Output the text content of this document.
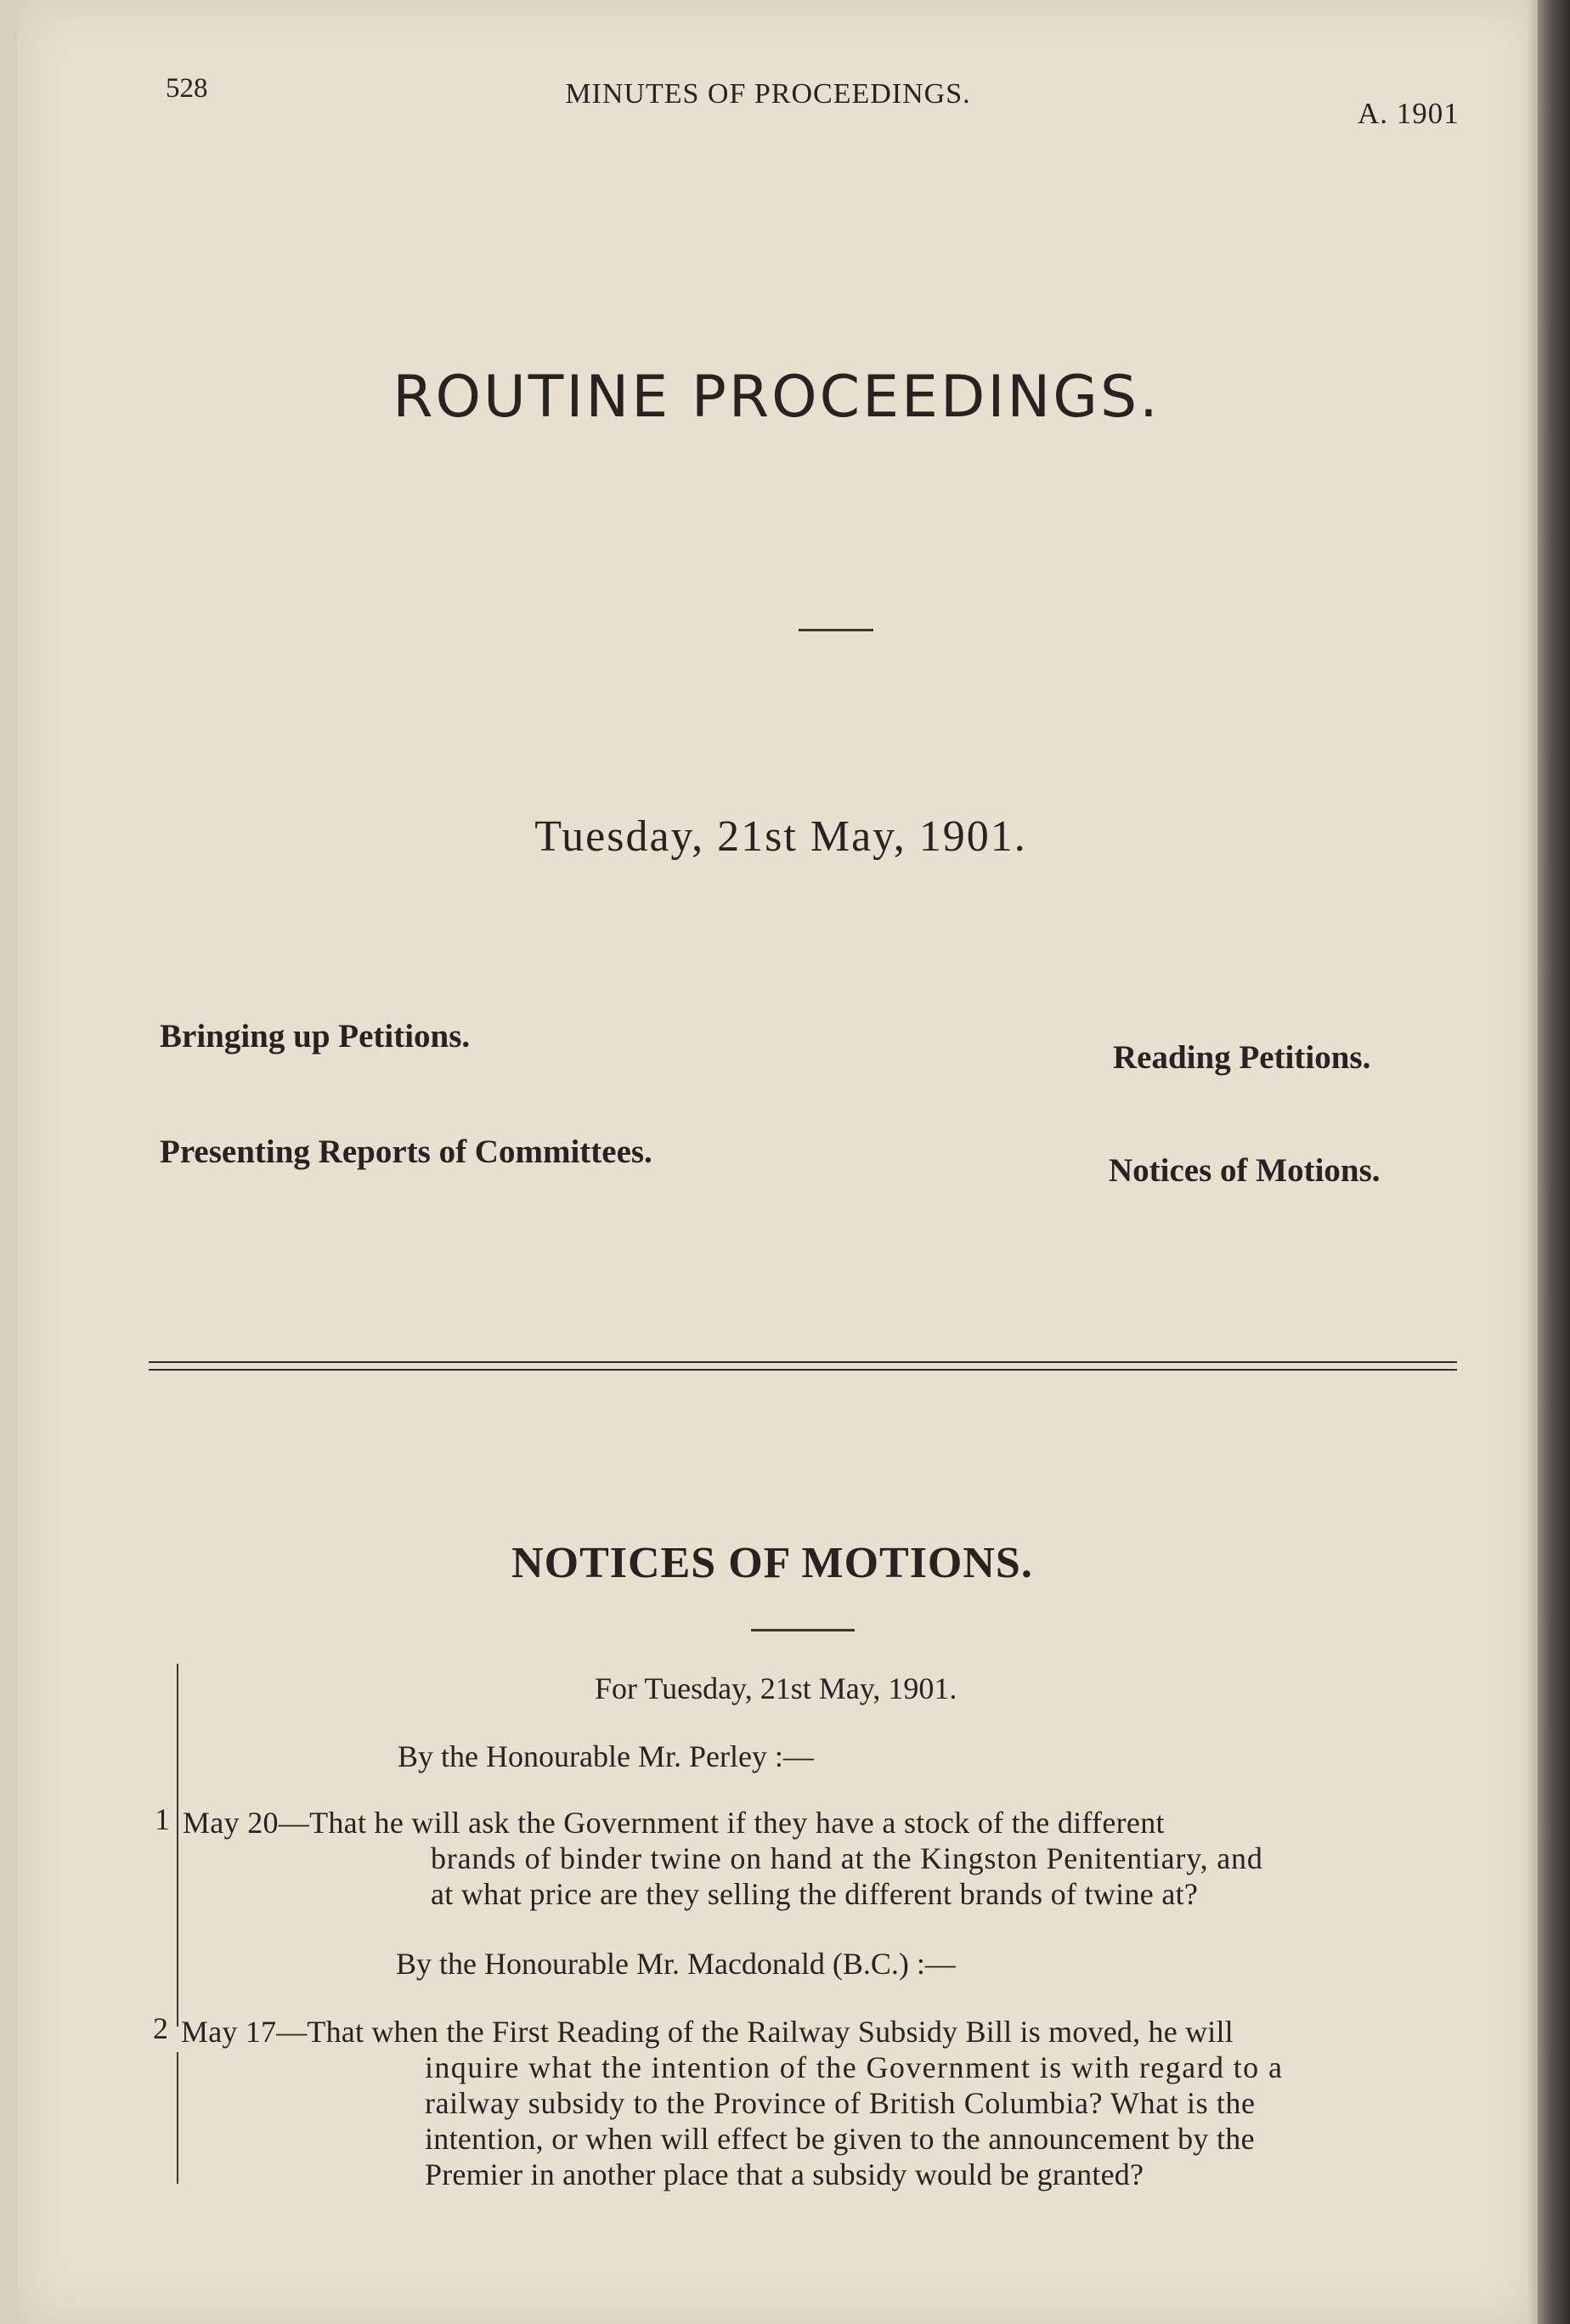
528	MINUTES OF PROCEEDINGS.
A. 1901
ROUTINE PROCEEDINGS.
Tuesday, 21st May, 1901.
Bringing up Petitions.
Reading Petitions.
Presenting Reports of Committees.
Notices of Motions.
NOTICES OF MOTIONS.
For Tuesday, 21st May, 1901.
By the Honourable Mr. Perley :—
1 May 20—That he will ask the Government if they have a stock of the different
brands of binder twine on hand at the Kingston Penitentiary, and
at what price are they selling the different brands of twine at?
By the Honourable Mr. Macdonald (B.C.) :—
2 May 17—That when the First Reading of the Railway Subsidy Bill is moved, he will
inquire what the intention of the Government is with regard to a
railway subsidy to the Province of British Columbia? What is the
intention, or when will effect be given to the announcement by the
Premier in another place that a subsidy would be granted?
